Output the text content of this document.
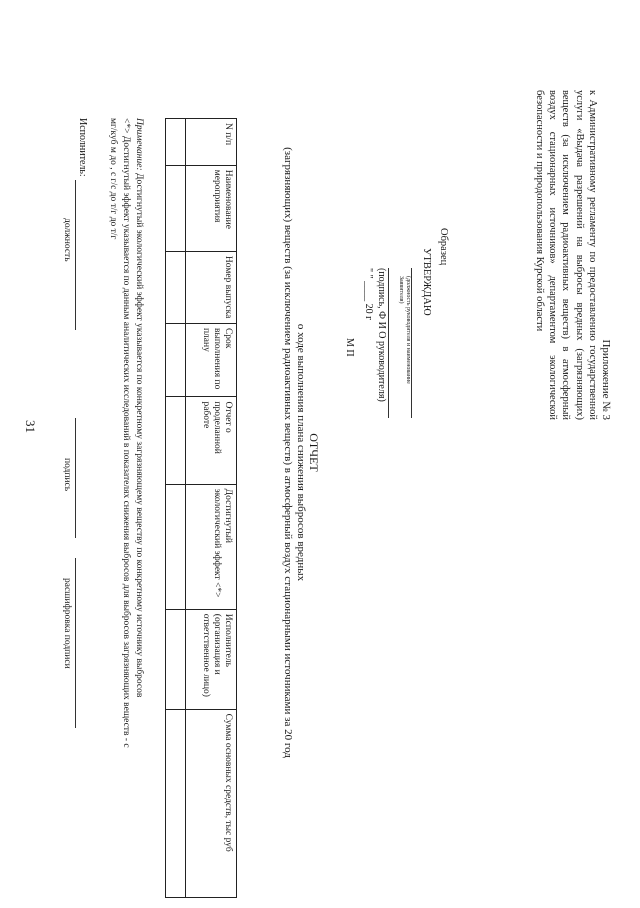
31
Приложение № 3
к Административному регламенту по предоставлению государственной услуги «Выдача разрешений на выбросы вредных (загрязняющих) веществ (за исключением радиоактивных веществ) в атмосферный воздух стационарных источников» департаментом экологической безопасности и природопользования Курской области
Образец
УТВЕРЖДАЮ
(должность руководителя и наименование Заявителя)
(подпись, Ф И О руководителя)
" " ____ 20 г
М П
ОТЧЕТ
о ходе выполнения плана снижения выбросов вредных
(загрязняющих) веществ (за исключением радиоактивных веществ) в атмосферный воздух стационарными источниками за 20 год
N п/п	Наименование мероприятия	Номер выпуска	Срок выполнения по плану	Отчет о проделанной работе	Достигнутый экологический эффект <*>	Исполнитель (организация и ответственное лицо)	Сумма основных средств, тыс руб

Примечание: Достигнутый экологический эффект указывается по конкретному загрязняющему веществу по конкретному источнику выбросов
<*> Достигнутый эффект указывается по данным аналитических исследований в показателях снижения выбросов для выбросов загрязняющих веществ - с
мг/куб м до , с г/с до т/г до т/г
Исполнитель:
должность
подпись
расшифровка подписи
